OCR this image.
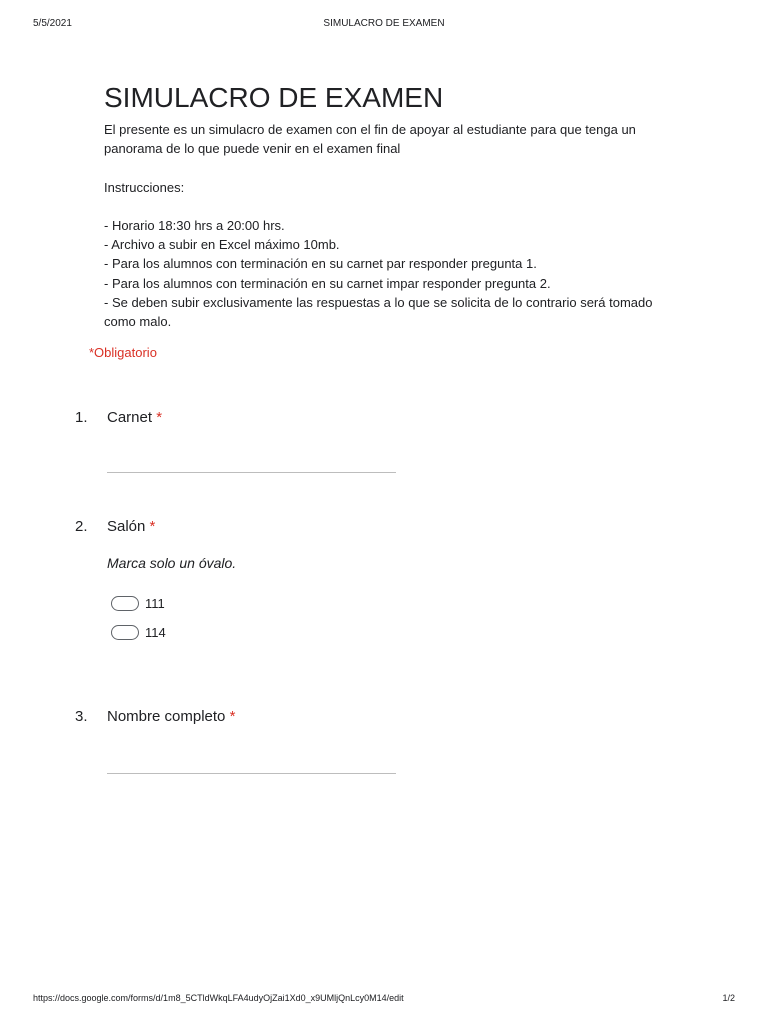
5/5/2021	SIMULACRO DE EXAMEN
SIMULACRO DE EXAMEN

El presente es un simulacro de examen con el fin de apoyar al estudiante para que tenga un panorama de lo que puede venir en el examen final

Instrucciones:

- Horario 18:30 hrs a 20:00 hrs.

- Archivo a subir en Excel máximo 10mb.

- Para los alumnos con terminación en su carnet par responder pregunta 1.

- Para los alumnos con terminación en su carnet impar responder pregunta 2.

- Se deben subir exclusivamente las respuestas a lo que se solicita de lo contrario será tomado como malo.

*Obligatorio
1. Carnet *
2. Salón *
Marca solo un óvalo.
111
114
3. Nombre completo *
https://docs.google.com/forms/d/1m8_5CTldWkqLFA4udyOjZai1Xd0_x9UMljQnLcy0M14/edit	1/2
